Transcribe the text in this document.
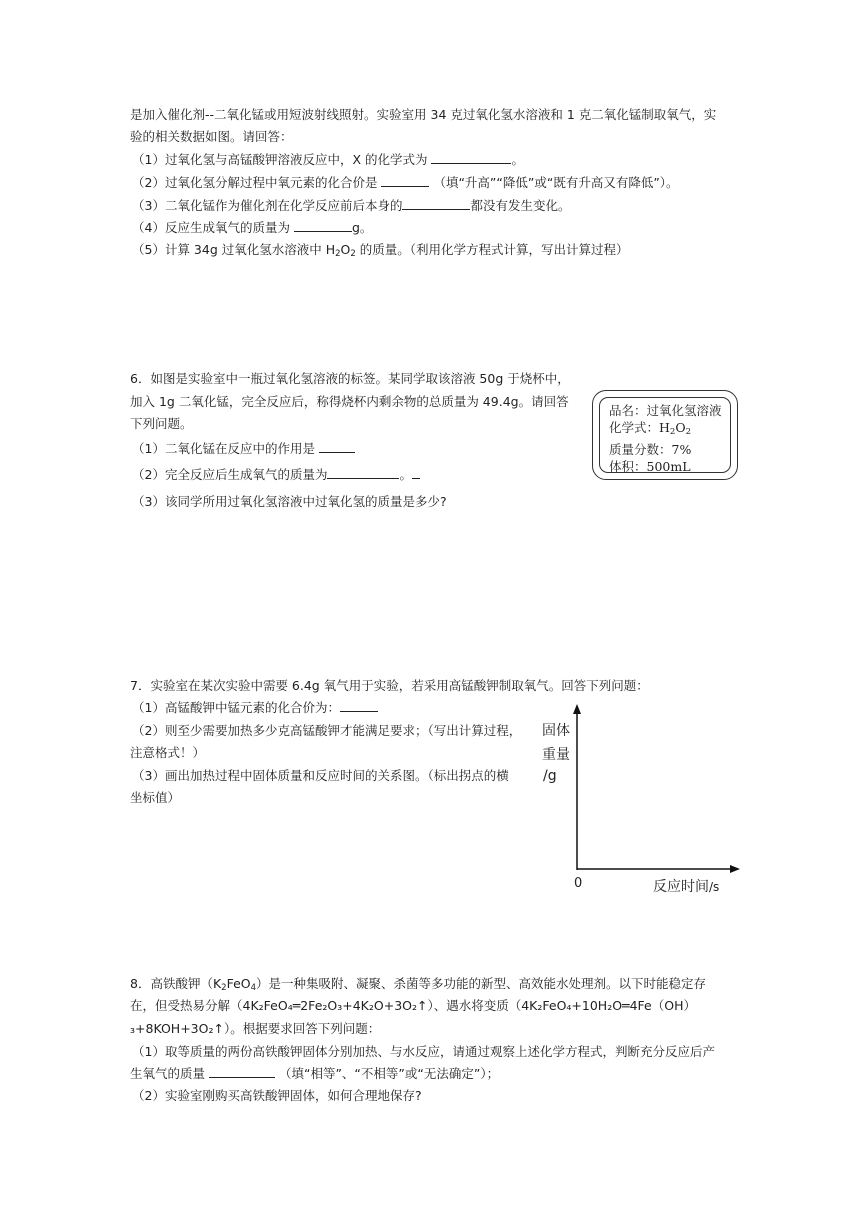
是加入催化剂--二氧化锰或用短波射线照射。实验室用 34 克过氧化氢水溶液和 1 克二氧化锰制取氧气，实
验的相关数据如图。请回答：
（1）过氧化氢与高锰酸钾溶液反应中，X 的化学式为	。
（2）过氧化氢分解过程中氧元素的化合价是	（填“升高”“降低”或“既有升高又有降低”）。
（3）二氧化锰作为催化剂在化学反应前后本身的	都没有发生变化。
（4）反应生成氧气的质量为	g。
（5）计算 34g 过氧化氢水溶液中 $H_2O_2$ 的质量。（利用化学方程式计算，写出计算过程）
6．如图是实验室中一瓶过氧化氢溶液的标签。某同学取该溶液 50g 于烧杯中，
加入 1g 二氧化锰，完全反应后，称得烧杯内剩余物的总质量为 49.4g。请回答
下列问题。
（1）二氧化锰在反应中的作用是
（2）完全反应后生成氧气的质量为	。
（3）该同学所用过氧化氢溶液中过氧化氢的质量是多少?
品名：过氧化氢溶液
化学式：$H_2O_2$
质量分数：7%
体积：500mL
7．实验室在某次实验中需要 6.4g 氧气用于实验，若采用高锰酸钾制取氧气。回答下列问题：
（1）高锰酸钾中锰元素的化合价为：
（2）则至少需要加热多少克高锰酸钾才能满足要求；（写出计算过程，
注意格式！）
（3）画出加热过程中固体质量和反应时间的关系图。（标出拐点的横
坐标值）
固体
重量
/g
0	反应时间/s
8．高铁酸钾$(K_2FeO_4)$是一种集吸附、凝聚、杀菌等多功能的新型、高效能水处理剂。以下时能稳定存
在，但受热易分解（4K₂FeO₄═2Fe₂O₃+4K₂O+3O₂↑）、遇水将变质（4K₂FeO₄+10H₂O═4Fe（OH）
₃+8KOH+3O₂↑）。根据要求回答下列问题：
（1）取等质量的两份高铁酸钾固体分别加热、与水反应，请通过观察上述化学方程式，判断充分反应后产
生氧气的质量	（填“相等”、“不相等”或“无法确定”）；
（2）实验室刚购买高铁酸钾固体，如何合理地保存?
